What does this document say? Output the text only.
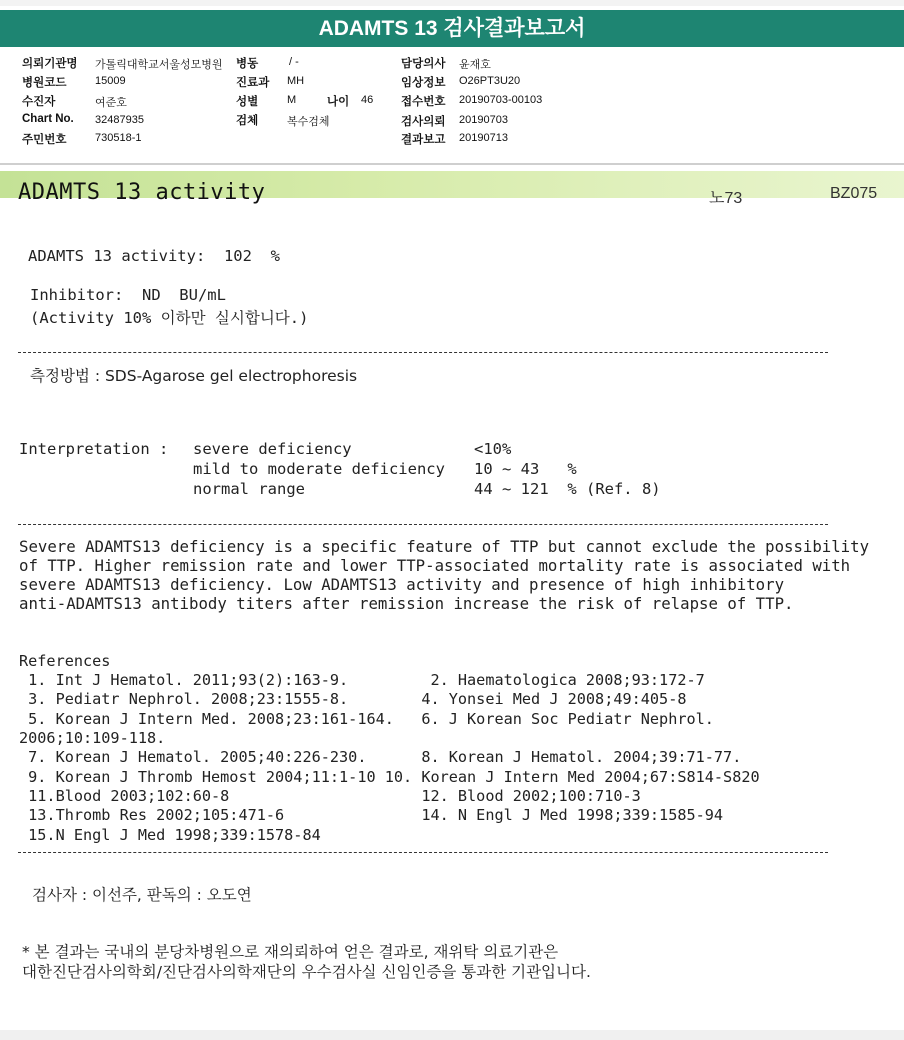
ADAMTS 13 검사결과보고서
의뢰기관명 가톨릭대학교서울성모병원 병동	/ -	담당의사 윤재호
병원코드	15009	진료과 MH	임상정보 O26PT3U20
수진자	여준호	성별	M	나이 46 접수번호 20190703-00103
Chart No. 32487935	검체	복수검체	검사의뢰 20190703
주민번호	730518-1	결과보고 20190713
ADAMTS 13 activity	노73	BZ075
ADAMTS 13 activity:  102  %
Inhibitor:  ND  BU/mL
(Activity 10% 이하만 실시합니다.)
측정방법 : SDS-Agarose gel electrophoresis
Interpretation : severe deficiency	<10%
mild to moderate deficiency 10 ~ 43   %
normal range	44 ~ 121  % (Ref. 8)
Severe ADAMTS13 deficiency is a specific feature of TTP but cannot exclude the possibility
of TTP. Higher remission rate and lower TTP-associated mortality rate is associated with
severe ADAMTS13 deficiency. Low ADAMTS13 activity and presence of high inhibitory
anti-ADAMTS13 antibody titers after remission increase the risk of relapse of TTP.
References
1. Int J Hematol. 2011;93(2):163-9.         2. Haematologica 2008;93:172-7
3. Pediatr Nephrol. 2008;23:1555-8.        4. Yonsei Med J 2008;49:405-8
5. Korean J Intern Med. 2008;23:161-164.   6. J Korean Soc Pediatr Nephrol.
2006;10:109-118.
7. Korean J Hematol. 2005;40:226-230.      8. Korean J Hematol. 2004;39:71-77.
9. Korean J Thromb Hemost 2004;11:1-10 10. Korean J Intern Med 2004;67:S814-S820
11.Blood 2003;102:60-8                     12. Blood 2002;100:710-3
13.Thromb Res 2002;105:471-6               14. N Engl J Med 1998;339:1585-94
15.N Engl J Med 1998;339:1578-84
검사자 : 이선주, 판독의 : 오도연
* 본 결과는 국내의 분당차병원으로 재의뢰하여 얻은 결과로, 재위탁 의료기관은
대한진단검사의학회/진단검사의학재단의 우수검사실 신임인증을 통과한 기관입니다.
